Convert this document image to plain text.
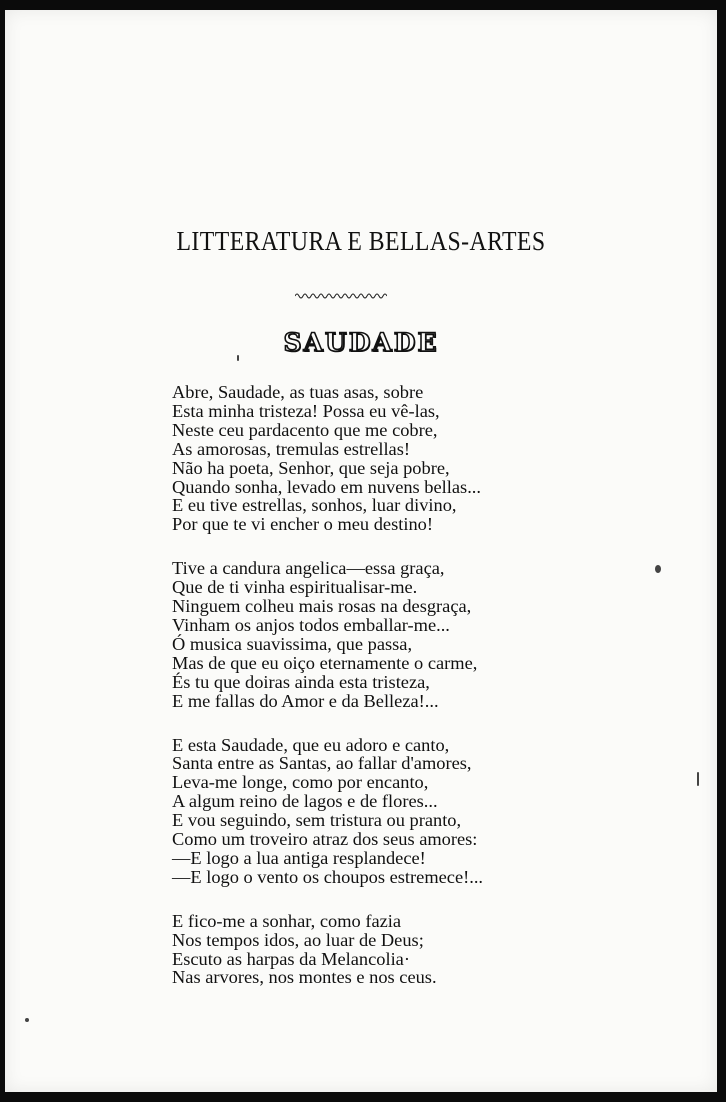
LITTERATURA E BELLAS-ARTES
SAUDADE
Abre, Saudade, as tuas asas, sobre
Esta minha tristeza! Possa eu vê-las,
Neste ceu pardacento que me cobre,
As amorosas, tremulas estrellas!
Não ha poeta, Senhor, que seja pobre,
Quando sonha, levado em nuvens bellas...
E eu tive estrellas, sonhos, luar divino,
Por que te vi encher o meu destino!
Tive a candura angelica—essa graça,
Que de ti vinha espiritualisar-me.
Ninguem colheu mais rosas na desgraça,
Vinham os anjos todos emballar-me...
Ó musica suavissima, que passa,
Mas de que eu oiço eternamente o carme,
És tu que doiras ainda esta tristeza,
E me fallas do Amor e da Belleza!...
E esta Saudade, que eu adoro e canto,
Santa entre as Santas, ao fallar d'amores,
Leva-me longe, como por encanto,
A algum reino de lagos e de flores...
E vou seguindo, sem tristura ou pranto,
Como um troveiro atraz dos seus amores:
—E logo a lua antiga resplandece!
—E logo o vento os choupos estremece!...
E fico-me a sonhar, como fazia
Nos tempos idos, ao luar de Deus;
Escuto as harpas da Melancolia·
Nas arvores, nos montes e nos ceus.
